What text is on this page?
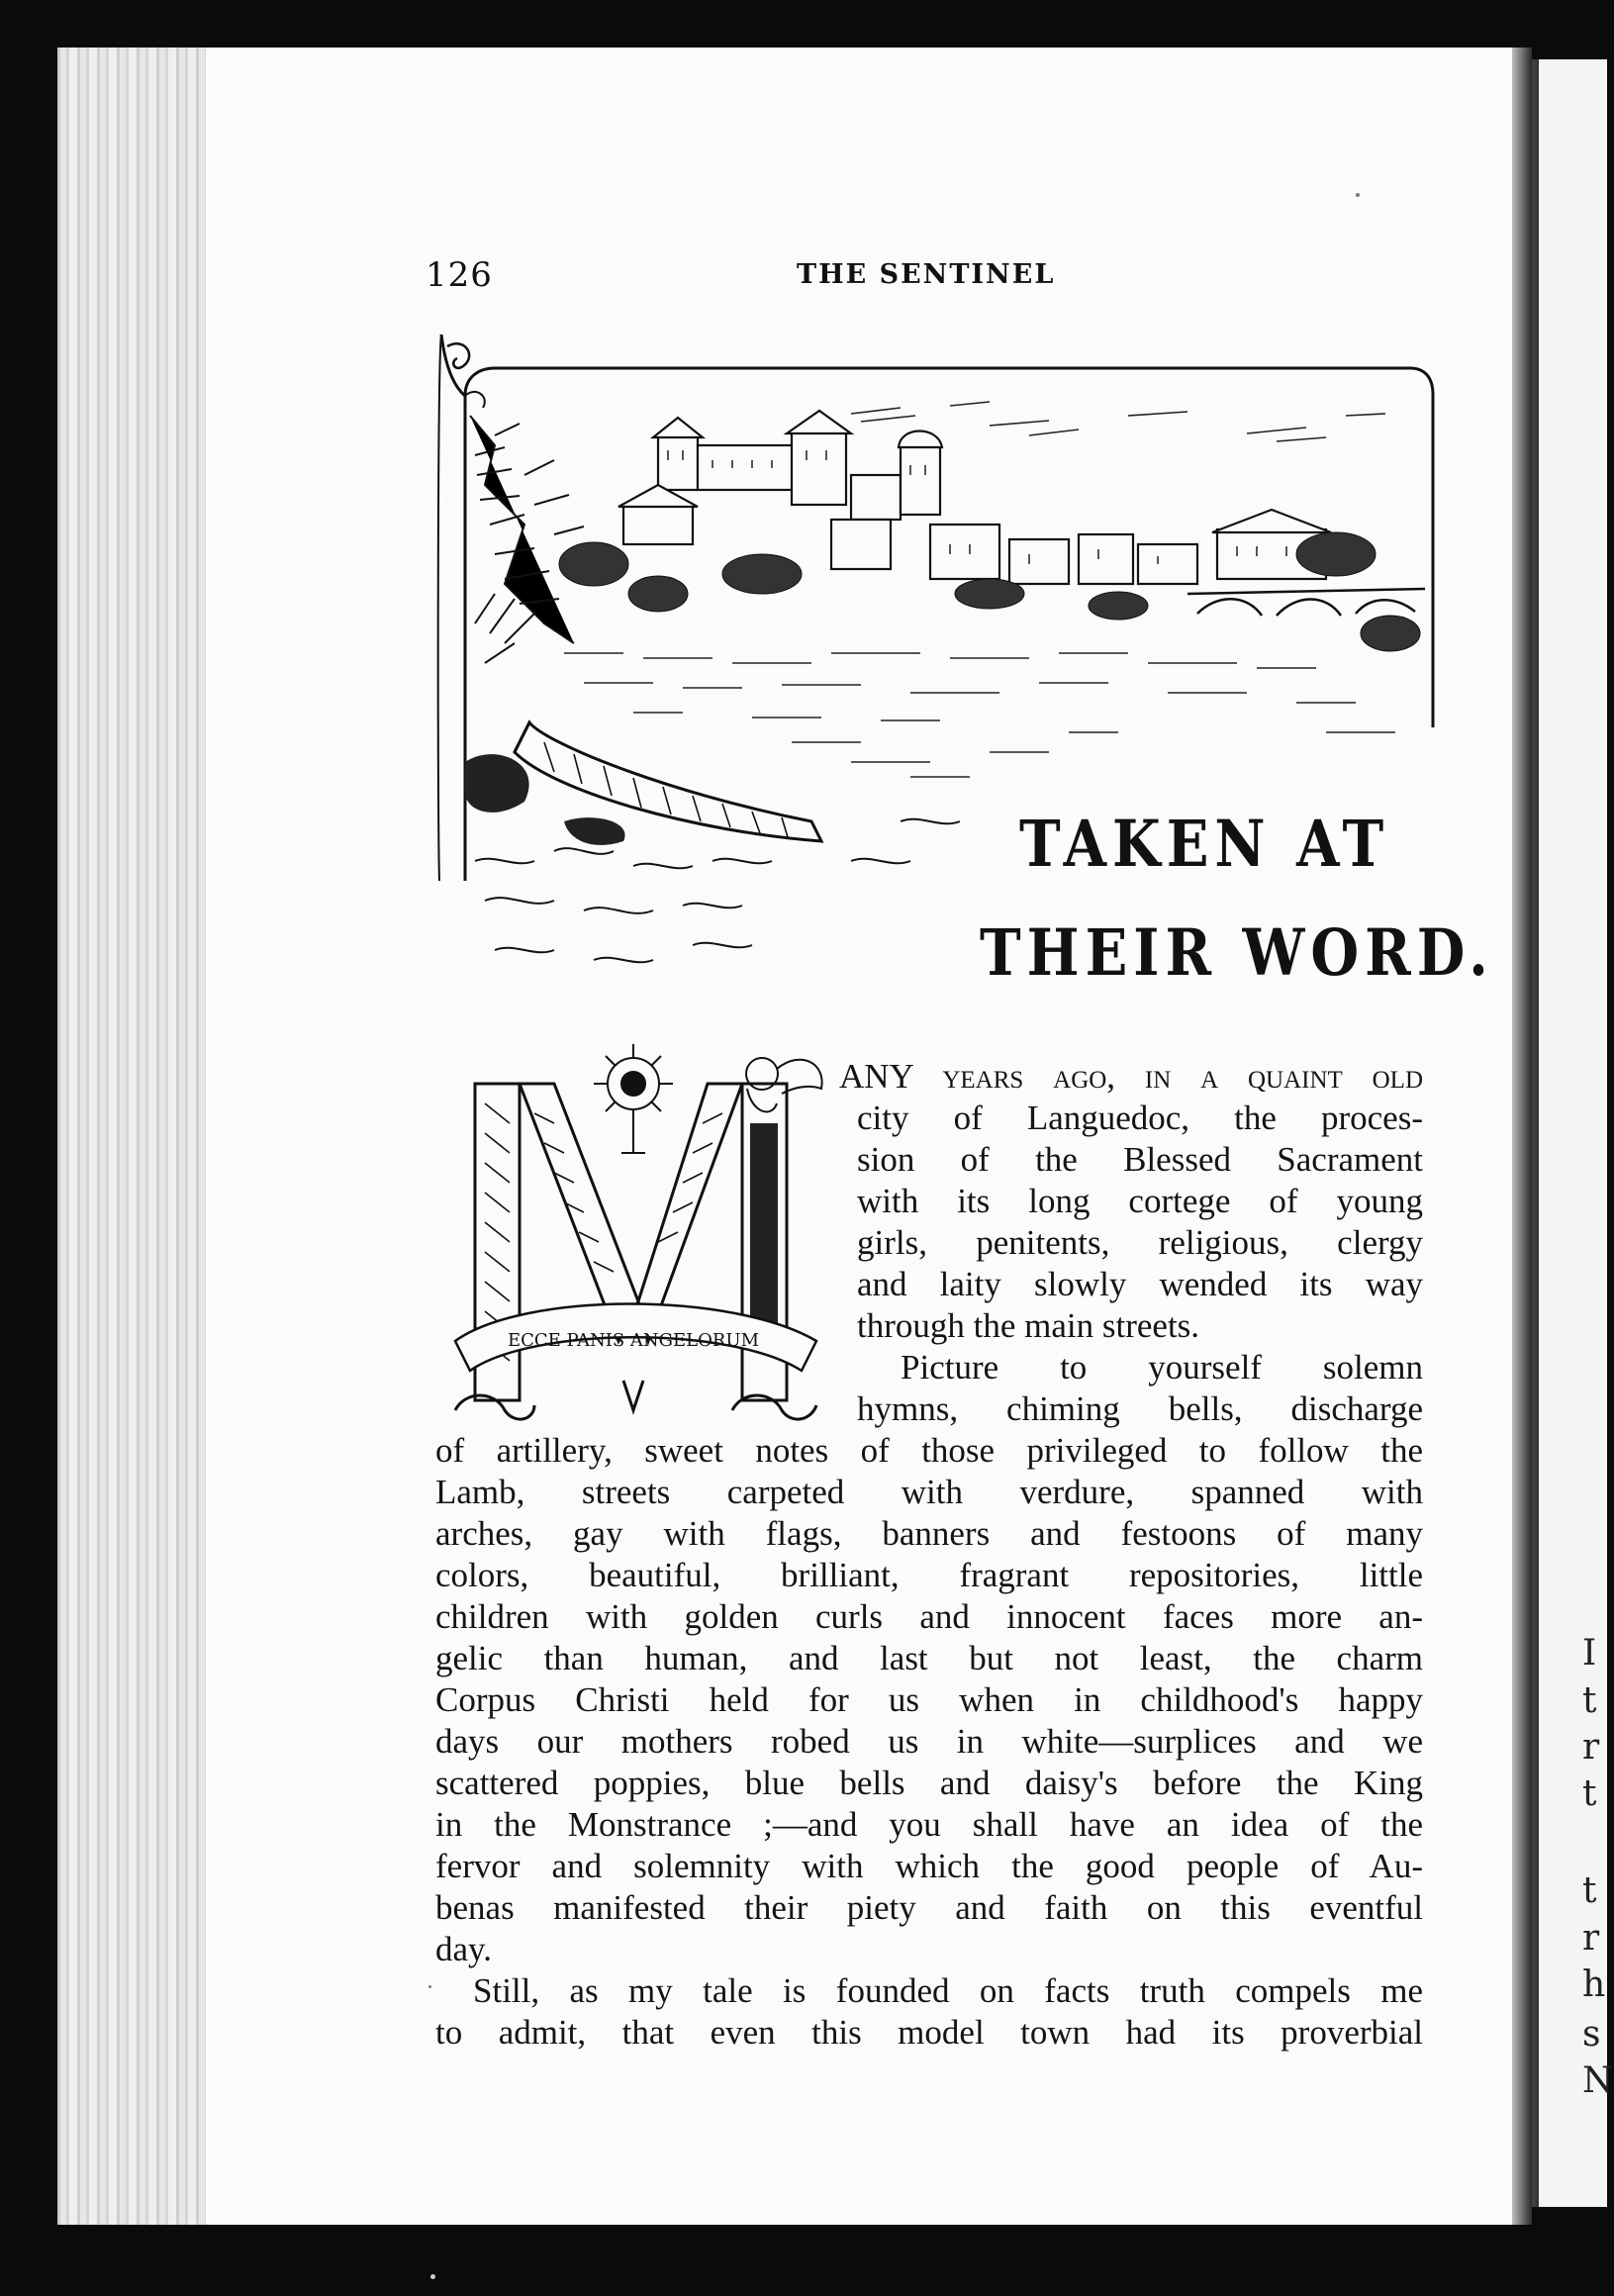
I
t
r
t
t
r
h
s
N
126	THE SENTINEL
TAKEN AT
THEIR WORD.
ECCE PANIS ANGELORUM
ANY years ago, in a quaint old
city of Languedoc, the proces-
sion of the Blessed Sacrament
with its long cortege of young
girls, penitents, religious, clergy
and laity slowly wended its way
through the main streets.
Picture to yourself solemn
hymns, chiming bells, discharge
of artillery, sweet notes of those privileged to follow the
Lamb, streets carpeted with verdure, spanned with
arches, gay with flags, banners and festoons of many
colors, beautiful, brilliant, fragrant repositories, little
children with golden curls and innocent faces more an-
gelic than human, and last but not least, the charm
Corpus Christi held for us when in childhood's happy
days our mothers robed us in white—surplices and we
scattered poppies, blue bells and daisy's before the King
in the Monstrance ;—and you shall have an idea of the
fervor and solemnity with which the good people of Au-
benas manifested their piety and faith on this eventful
day.
Still, as my tale is founded on facts truth compels me
to admit, that even this model town had its proverbial
